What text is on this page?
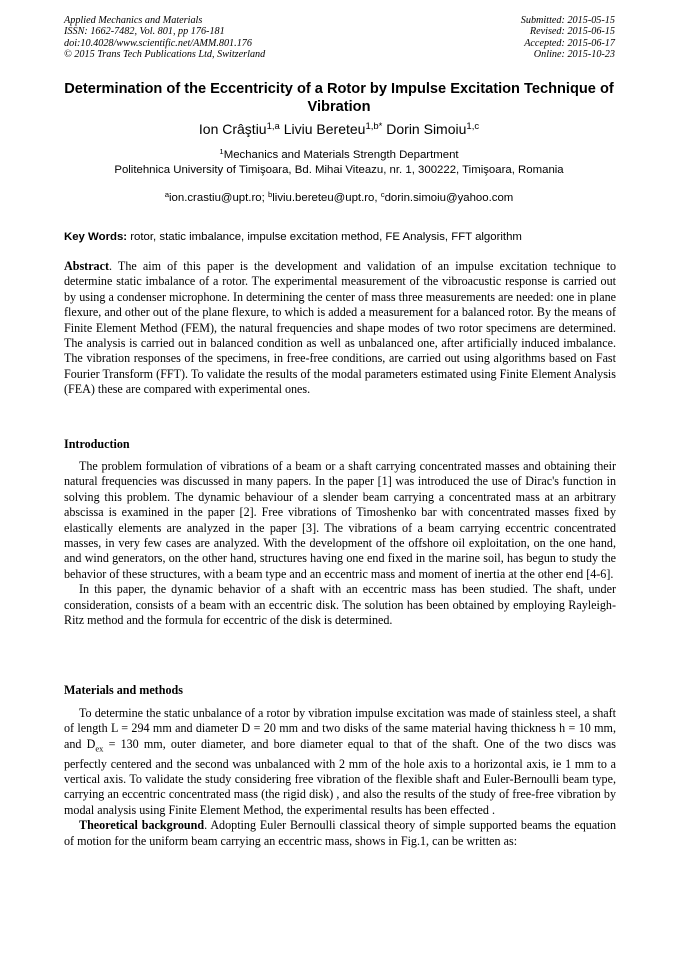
Applied Mechanics and Materials
ISSN: 1662-7482, Vol. 801, pp 176-181
doi:10.4028/www.scientific.net/AMM.801.176
© 2015 Trans Tech Publications Ltd, Switzerland
Submitted: 2015-05-15
Revised: 2015-06-15
Accepted: 2015-06-17
Online: 2015-10-23
Determination of the Eccentricity of a Rotor by Impulse Excitation Technique of Vibration
Ion Crâştiu$^{1,a}$ Liviu Bereteu$^{1,b*}$ Dorin Simoiu$^{1,c}$
$^1$Mechanics and Materials Strength Department
Politehnica University of Timişoara, Bd. Mihai Viteazu, nr. 1, 300222, Timişoara, Romania
$^a$ion.crastiu@upt.ro; $^b$liviu.bereteu@upt.ro, $^c$dorin.simoiu@yahoo.com
Key Words: rotor, static imbalance, impulse excitation method, FE Analysis, FFT algorithm

Abstract. The aim of this paper is the development and validation of an impulse excitation technique to determine static imbalance of a rotor. The experimental measurement of the vibroacustic response is carried out by using a condenser microphone. In determining the center of mass three measurements are needed: one in plane flexure, and other out of the plane flexure, to which is added a measurement for a balanced rotor. By the means of Finite Element Method (FEM), the natural frequencies and shape modes of two rotor specimens are determined. The analysis is carried out in balanced condition as well as unbalanced one, after artificially induced imbalance. The vibration responses of the specimens, in free-free conditions, are carried out using algorithms based on Fast Fourier Transform (FFT). To validate the results of the modal parameters estimated using Finite Element Analysis (FEA) these are compared with experimental ones.

Introduction

The problem formulation of vibrations of a beam or a shaft carrying concentrated masses and obtaining their natural frequencies was discussed in many papers. In the paper [1] was introduced the use of Dirac's function in solving this problem. The dynamic behaviour of a slender beam carrying a concentrated mass at an arbitrary abscissa is examined in the paper [2]. Free vibrations of Timoshenko bar with concentrated masses fixed by elastically elements are analyzed in the paper [3]. The vibrations of a beam carrying eccentric concentrated masses, in very few cases are analyzed. With the development of the offshore oil exploitation, on the one hand, and wind generators, on the other hand, structures having one end fixed in the marine soil, has begun to study the behavior of these structures, with a beam type and an eccentric mass and moment of inertia at the other end [4-6].

In this paper, the dynamic behavior of a shaft with an eccentric mass has been studied. The shaft, under consideration, consists of a beam with an eccentric disk. The solution has been obtained by employing Rayleigh-Ritz method and the formula for eccentric of the disk is determined.

Materials and methods

To determine the static unbalance of a rotor by vibration impulse excitation was made of stainless steel, a shaft of length L = 294 mm and diameter D = 20 mm and two disks of the same material having thickness h = 10 mm, and $D_{ex} = 130$ mm, outer diameter, and bore diameter equal to that of the shaft. One of the two discs was perfectly centered and the second was unbalanced with 2 mm of the hole axis to a horizontal axis, ie 1 mm to a vertical axis. To validate the study considering free vibration of the flexible shaft and Euler-Bernoulli beam type, carrying an eccentric concentrated mass (the rigid disk) , and also the results of the study of free-free vibration by modal analysis using Finite Element Method, the experimental results has been effected .

Theoretical background. Adopting Euler Bernoulli classical theory of simple supported beams the equation of motion for the uniform beam carrying an eccentric mass, shows in Fig.1, can be written as:
